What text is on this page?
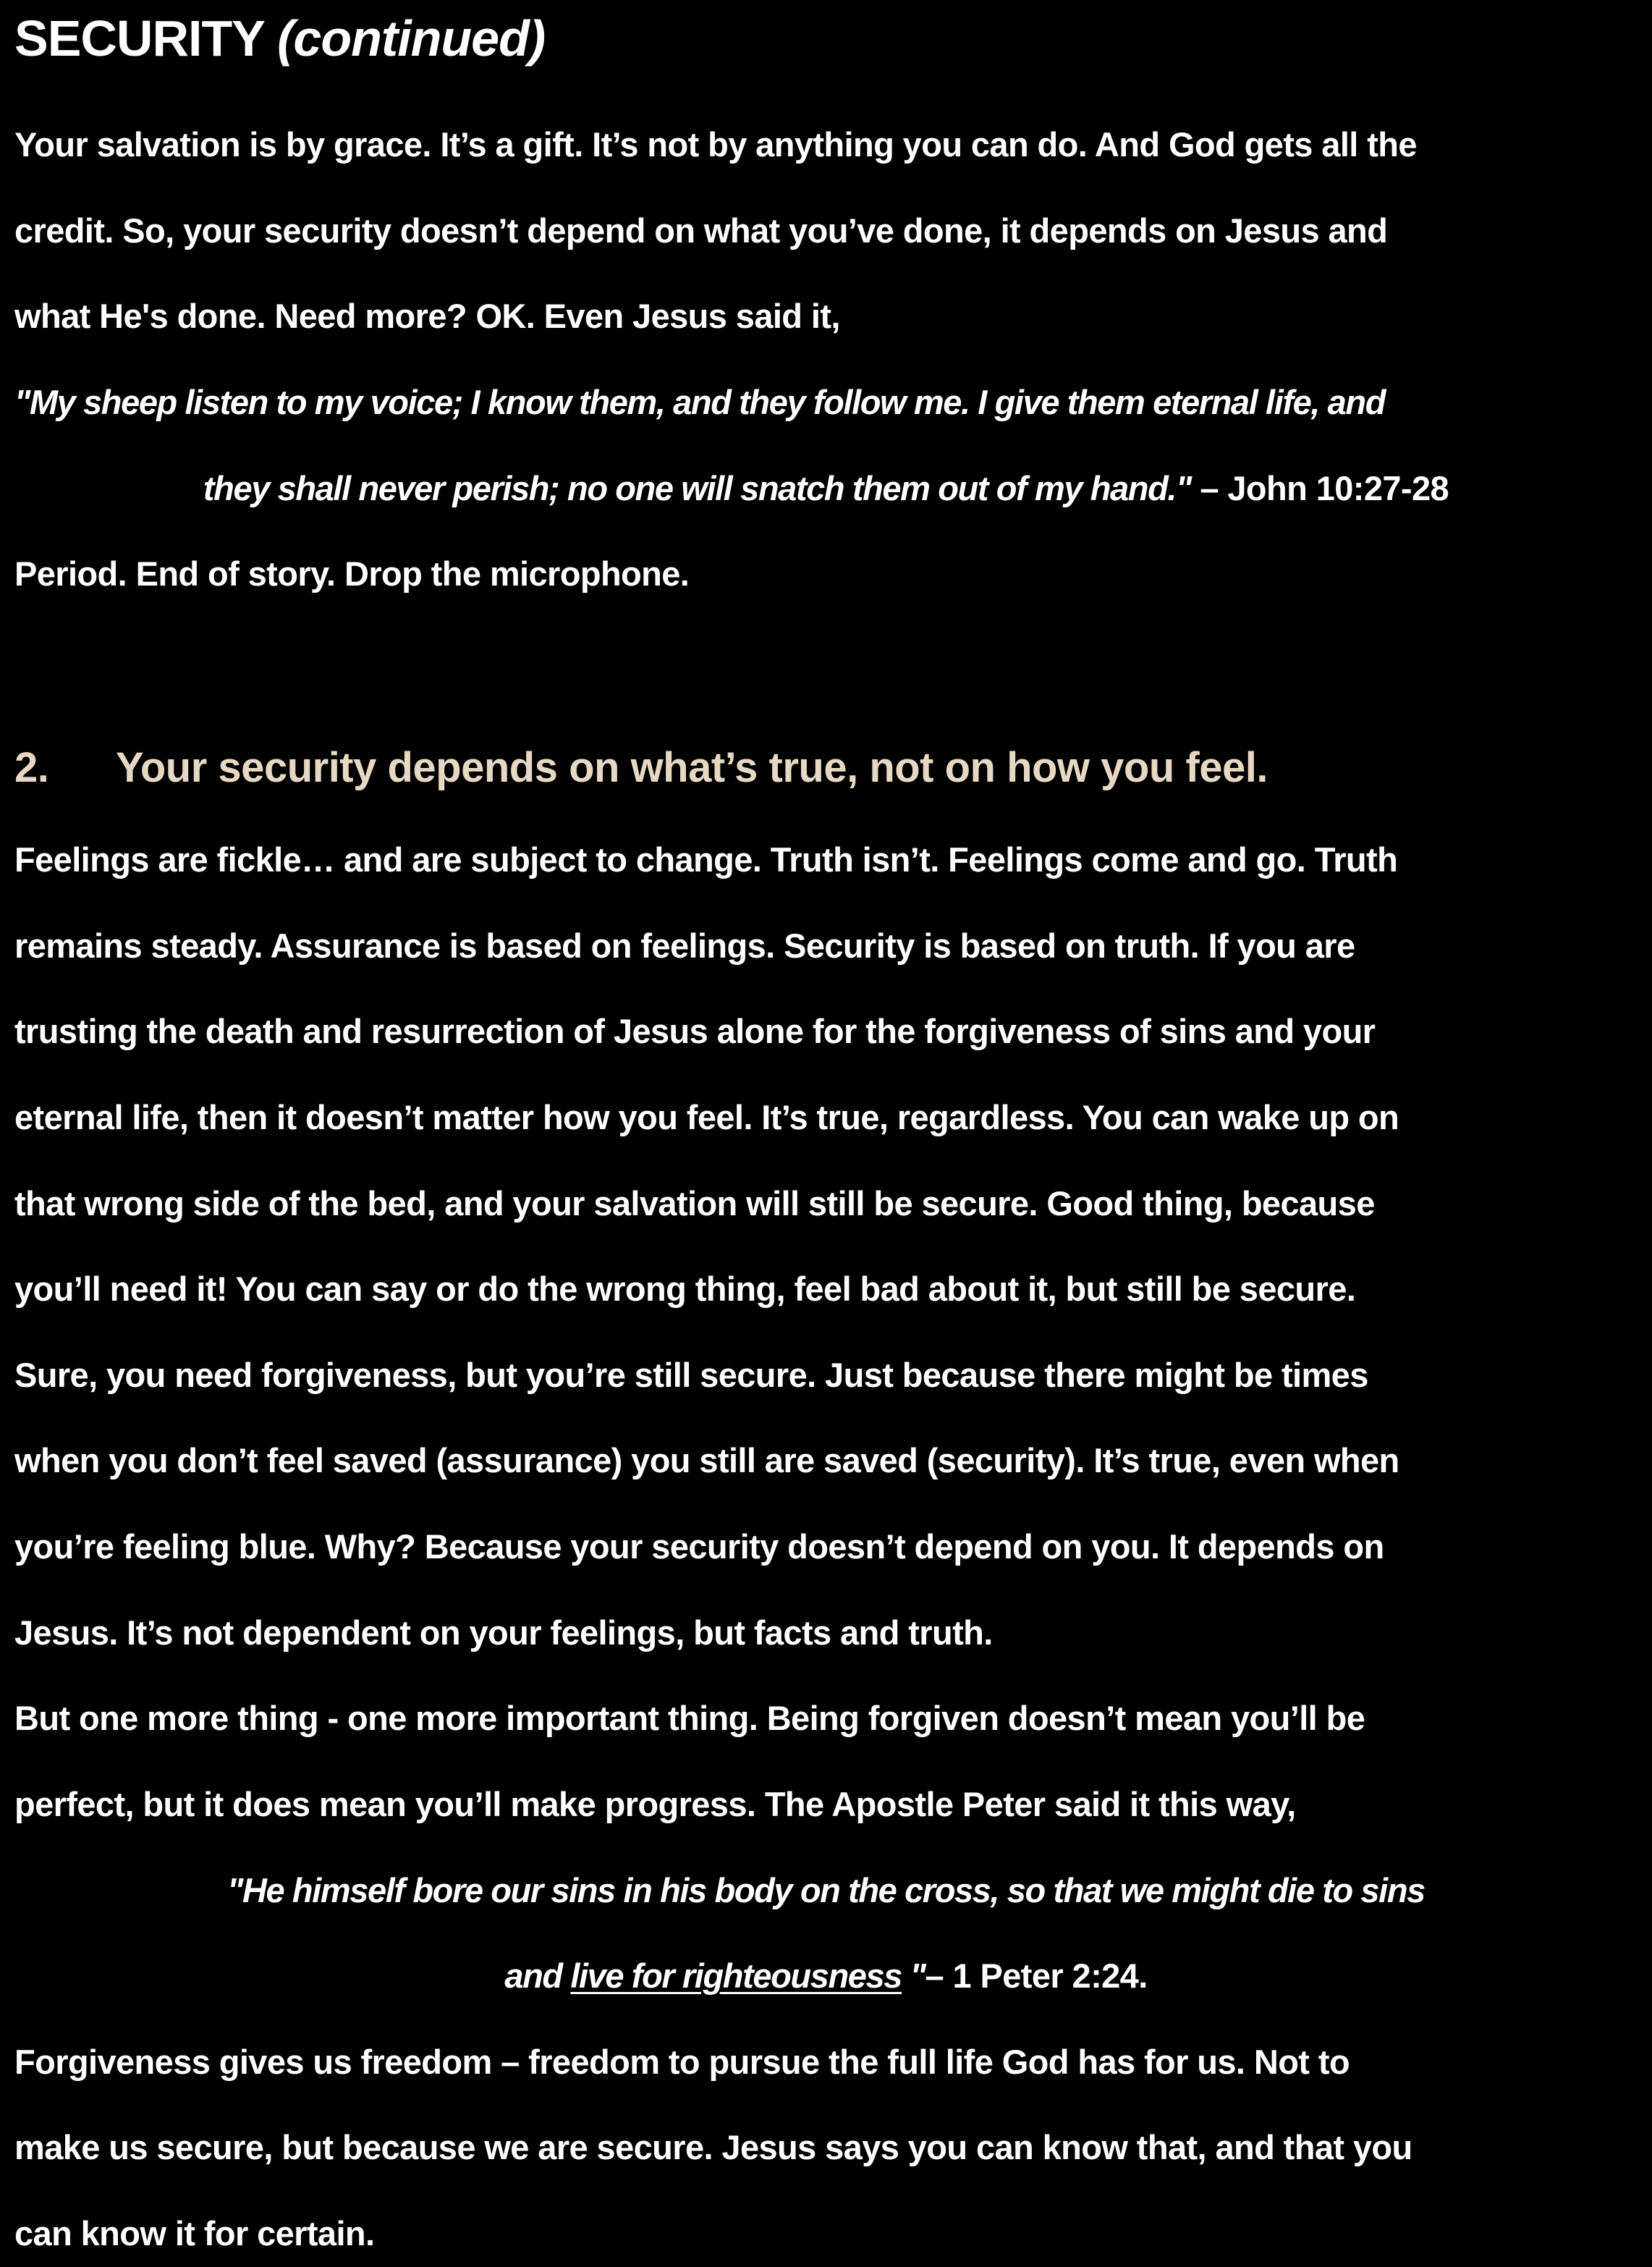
SECURITY (continued)
Your salvation is by grace. It’s a gift. It’s not by anything you can do. And God gets all the
credit. So, your security doesn’t depend on what you’ve done, it depends on Jesus and
what He's done. Need more? OK. Even Jesus said it,
"My sheep listen to my voice; I know them, and they follow me. I give them eternal life, and
they shall never perish; no one will snatch them out of my hand." – John 10:27-28
Period. End of story. Drop the microphone.
2. Your security depends on what’s true, not on how you feel.
Feelings are fickle… and are subject to change. Truth isn’t. Feelings come and go. Truth
remains steady. Assurance is based on feelings. Security is based on truth. If you are
trusting the death and resurrection of Jesus alone for the forgiveness of sins and your
eternal life, then it doesn’t matter how you feel. It’s true, regardless. You can wake up on
that wrong side of the bed, and your salvation will still be secure. Good thing, because
you’ll need it! You can say or do the wrong thing, feel bad about it, but still be secure.
Sure, you need forgiveness, but you’re still secure. Just because there might be times
when you don’t feel saved (assurance) you still are saved (security). It’s true, even when
you’re feeling blue. Why? Because your security doesn’t depend on you. It depends on
Jesus. It’s not dependent on your feelings, but facts and truth.
But one more thing - one more important thing. Being forgiven doesn’t mean you’ll be
perfect, but it does mean you’ll make progress. The Apostle Peter said it this way,
"He himself bore our sins in his body on the cross, so that we might die to sins
and live for righteousness "– 1 Peter 2:24.
Forgiveness gives us freedom – freedom to pursue the full life God has for us. Not to
make us secure, but because we are secure. Jesus says you can know that, and that you
can know it for certain.
